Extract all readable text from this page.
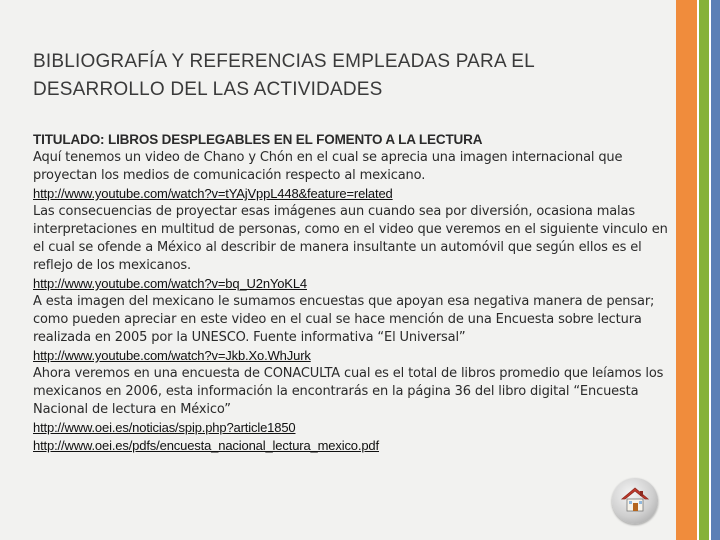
BIBLIOGRAFÍA Y REFERENCIAS EMPLEADAS PARA EL
DESARROLLO DEL LAS ACTIVIDADES

TITULADO: LIBROS DESPLEGABLES EN EL FOMENTO A LA LECTURA

Aquí tenemos un video de Chano y Chón en el cual se aprecia una imagen internacional que proyectan los medios de comunicación respecto al mexicano.

http://www.youtube.com/watch?v=tYAjVppL448&feature=related

Las consecuencias de proyectar esas imágenes aun cuando sea por diversión, ocasiona malas interpretaciones en multitud de personas, como en el video que veremos en el siguiente vinculo en el cual se ofende a México al describir de manera insultante un automóvil que según ellos es el reflejo de los mexicanos.

http://www.youtube.com/watch?v=bq_U2nYoKL4

A esta imagen del mexicano le sumamos encuestas que apoyan esa negativa manera de pensar; como pueden apreciar en este video en el cual se hace mención de una Encuesta sobre lectura realizada en 2005 por la UNESCO. Fuente informativa “El Universal”

http://www.youtube.com/watch?v=Jkb.Xo.WhJurk

Ahora veremos en una encuesta de CONACULTA cual es el total de libros promedio que leíamos los mexicanos en 2006, esta información la encontrarás en la página 36 del libro digital “Encuesta Nacional de lectura en México”

http://www.oei.es/noticias/spip.php?article1850
http://www.oei.es/pdfs/encuesta_nacional_lectura_mexico.pdf
